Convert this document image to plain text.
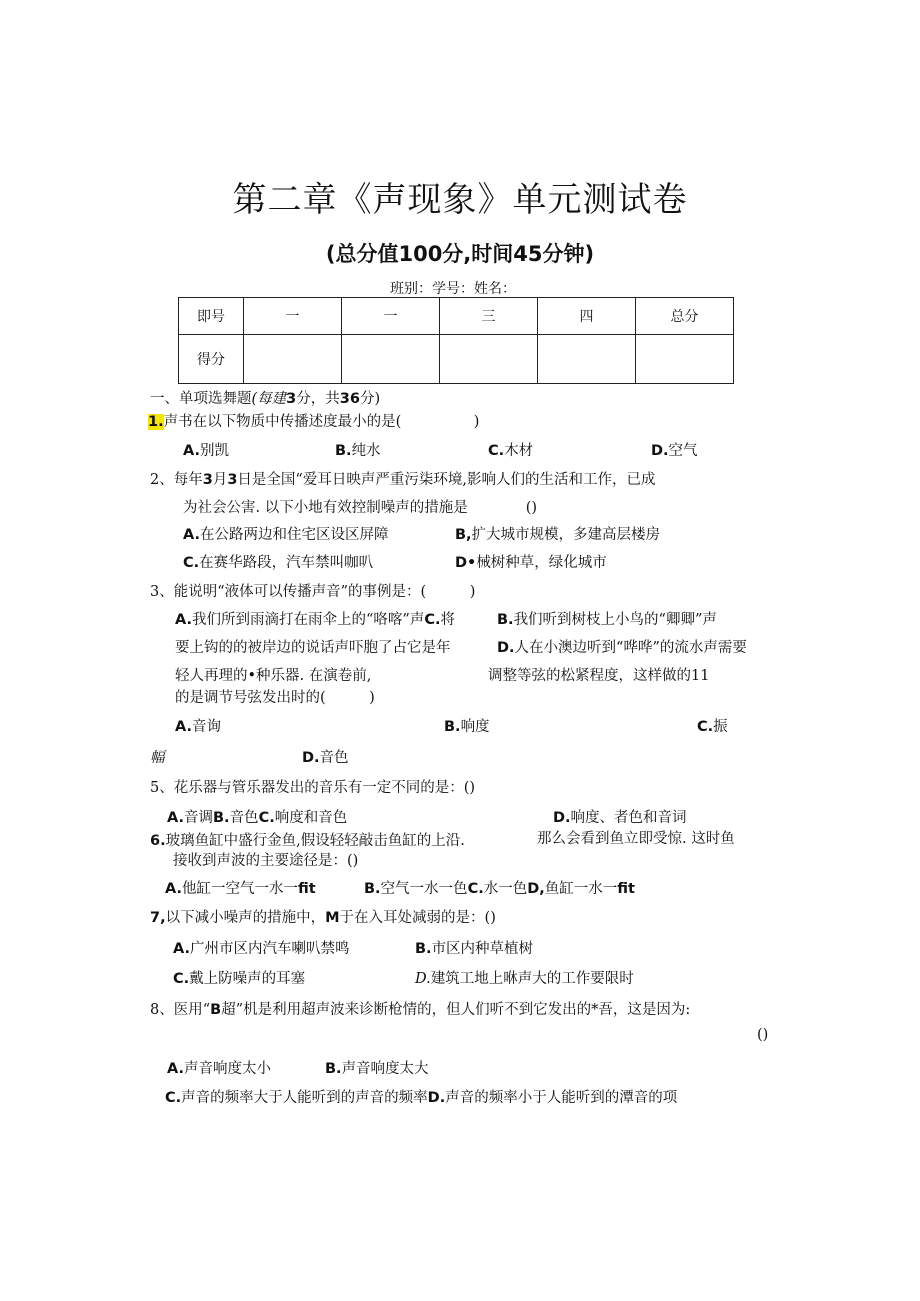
第二章《声现象》单元测试卷
(总分值100分,时间45分钟)
班别：学号：姓名：
即号	一	一	三	四	总分
得分					
一、单项选舞题(每建3分，共36分)
1.声书在以下物质中传播述度最小的是(　　　　　)
A.别凯	B.纯水	C.木材	D.空气
2、每年3月3日是全国“爱耳日映声严重污柒环境,影响人们的生活和工作，已成
为社会公害. 以下小地有效控制噪声的措施是　　　　()
A.在公路两边和住宅区设区屏障	B,扩大城市规模，多建高层楼房
C.在赛华路段，汽车禁叫咖叭	D•械树种草，绿化城市
3、能说明“液体可以传播声音”的事例是：(　　　)
A.我们所到雨滴打在雨伞上的“咯喀”声C.将	B.我们听到树枝上小鸟的“卿卿”声
要上钩的的被岸边的说话声吓胞了占它是年	D.人在小澳边听到“哗哗”的流水声需要
轻人再理的•种乐器. 在演卷前,	调整等弦的松紧程度，这样做的11
的是调节号弦发出时的(　　　)
A.音询	B.响度	C.振
幅	D.音色
5、花乐器与管乐器发出的音乐有一定不同的是：()
A.音调B.音色C.响度和音色	D.响度、者色和音词
6.玻璃鱼缸中盛行金鱼,假设轻轻敲击鱼缸的上沿.	那么会看到鱼立即受惊. 这时鱼
接收到声波的主要途径是：()
A.他缸一空气一水一fit	B.空气一水一色C.水一色D,鱼缸一水一fit
7,以下减小噪声的措施中，M于在入耳处减弱的是：()
A.广州市区内汽车喇叭禁鸣	B.市区内种草植树
C.戴上防噪声的耳塞	D.建筑工地上咻声大的工作要限时
8、医用“B超”机是利用超声波来诊断枪情的，但人们听不到它发出的*吾，这是因为:
()
A.声音响度太小	B.声音响度太大
C.声音的频率大于人能听到的声音的频率D.声音的频率小于人能听到的潭音的项
